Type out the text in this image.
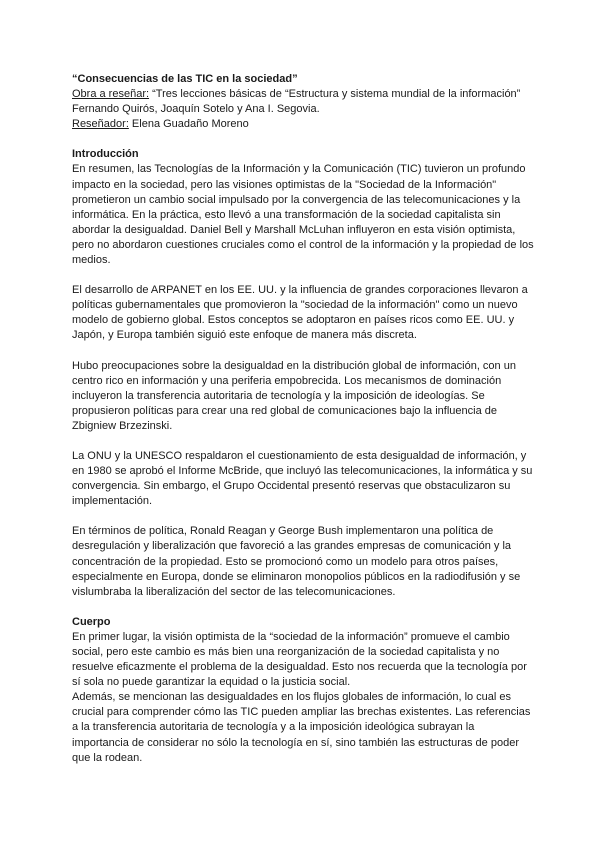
“Consecuencias de las TIC en la sociedad”

Obra a reseñar: “Tres lecciones básicas de “Estructura y sistema mundial de la información”

Fernando Quirós, Joaquín Sotelo y Ana I. Segovia.

Reseñador: Elena Guadaño Moreno

Introducción

En resumen, las Tecnologías de la Información y la Comunicación (TIC) tuvieron un profundo impacto en la sociedad, pero las visiones optimistas de la "Sociedad de la Información" prometieron un cambio social impulsado por la convergencia de las telecomunicaciones y la informática. En la práctica, esto llevó a una transformación de la sociedad capitalista sin abordar la desigualdad. Daniel Bell y Marshall McLuhan influyeron en esta visión optimista, pero no abordaron cuestiones cruciales como el control de la información y la propiedad de los medios.

El desarrollo de ARPANET en los EE. UU. y la influencia de grandes corporaciones llevaron a políticas gubernamentales que promovieron la "sociedad de la información" como un nuevo modelo de gobierno global. Estos conceptos se adoptaron en países ricos como EE. UU. y Japón, y Europa también siguió este enfoque de manera más discreta.

Hubo preocupaciones sobre la desigualdad en la distribución global de información, con un centro rico en información y una periferia empobrecida. Los mecanismos de dominación incluyeron la transferencia autoritaria de tecnología y la imposición de ideologías. Se propusieron políticas para crear una red global de comunicaciones bajo la influencia de Zbigniew Brzezinski.

La ONU y la UNESCO respaldaron el cuestionamiento de esta desigualdad de información, y en 1980 se aprobó el Informe McBride, que incluyó las telecomunicaciones, la informática y su convergencia. Sin embargo, el Grupo Occidental presentó reservas que obstaculizaron su implementación.

En términos de política, Ronald Reagan y George Bush implementaron una política de desregulación y liberalización que favoreció a las grandes empresas de comunicación y la concentración de la propiedad. Esto se promocionó como un modelo para otros países, especialmente en Europa, donde se eliminaron monopolios públicos en la radiodifusión y se vislumbraba la liberalización del sector de las telecomunicaciones.

Cuerpo

En primer lugar, la visión optimista de la “sociedad de la información” promueve el cambio social, pero este cambio es más bien una reorganización de la sociedad capitalista y no resuelve eficazmente el problema de la desigualdad. Esto nos recuerda que la tecnología por sí sola no puede garantizar la equidad o la justicia social.

Además, se mencionan las desigualdades en los flujos globales de información, lo cual es crucial para comprender cómo las TIC pueden ampliar las brechas existentes. Las referencias a la transferencia autoritaria de tecnología y a la imposición ideológica subrayan la importancia de considerar no sólo la tecnología en sí, sino también las estructuras de poder que la rodean.
